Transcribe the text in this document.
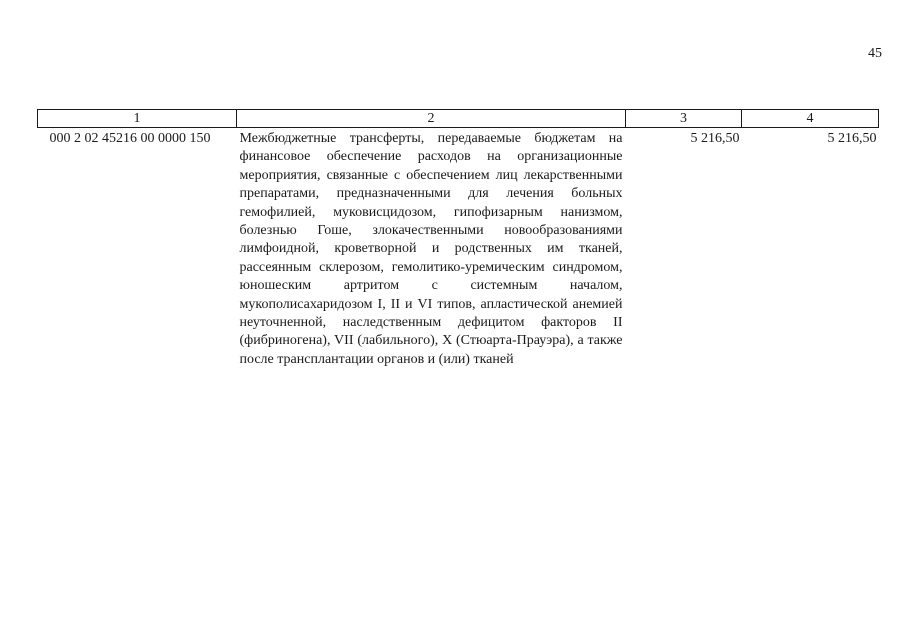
45
1	2	3	4
000 2 02 45216 00 0000 150	Межбюджетные трансферты, передаваемые бюджетам на финансовое обеспечение расходов на организационные мероприятия, связанные с обеспечением лиц лекарственными препаратами, предназначенными для лечения больных гемофилией, муковисцидозом, гипофизарным нанизмом, болезнью Гоше, злокачественными новообразованиями лимфоидной, кроветворной и родственных им тканей, рассеянным склерозом, гемолитико-уремическим синдромом, юношеским артритом с системным началом, мукополисахаридозом I, II и VI типов, апластической анемией неуточненной, наследственным дефицитом факторов II (фибриногена), VII (лабильного), X (Стюарта-Прауэра), а также после трансплантации органов и (или) тканей	5 216,50	5 216,50
